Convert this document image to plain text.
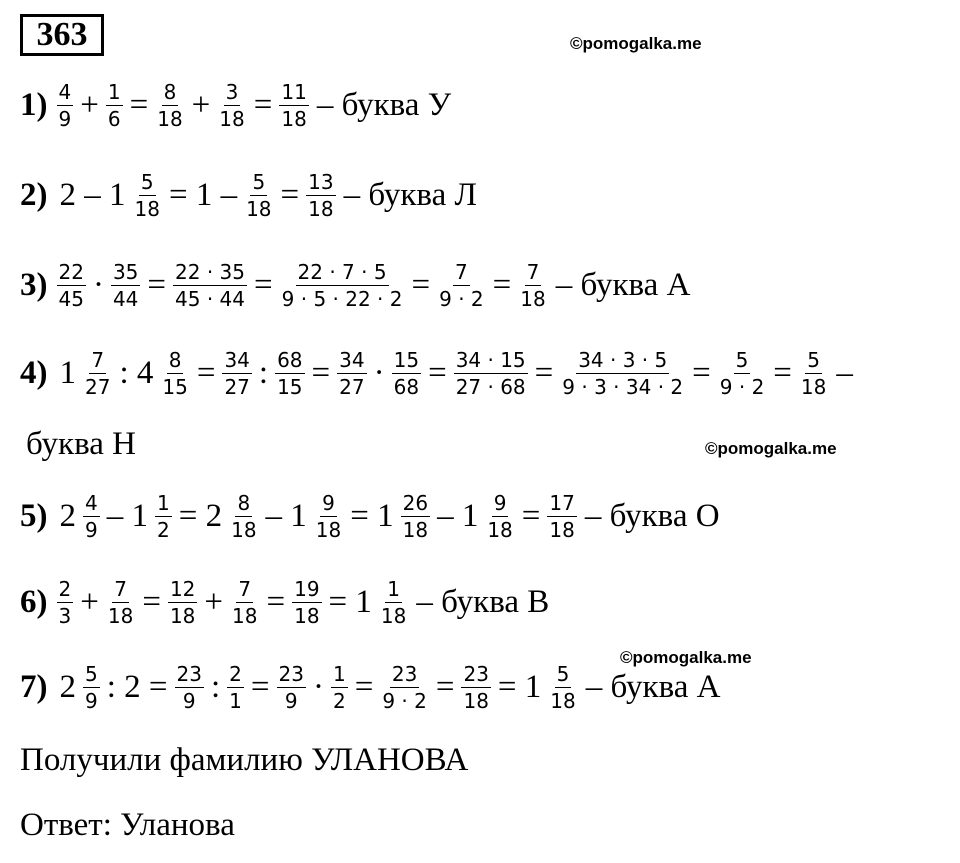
363	©pomogalka.me
©pomogalka.me
©pomogalka.me
$1) \frac{4}{9} + \frac{1}{6} = \frac{8}{18} + \frac{3}{18} = \frac{11}{18}$ – буква У
2) $2 - 1 \frac{5}{18} = 1 - \frac{5}{18} = \frac{13}{18}$ – буква Л
$3) \frac{22}{45} \cdot \frac{35}{44} = \frac{22 \cdot 35}{45 \cdot 44} = \frac{22 \cdot 7 \cdot 5}{9 \cdot 5 \cdot 22 \cdot 2} = \frac{7}{9 \cdot 2} = \frac{7}{18}$ – буква А
4) $1 \frac{7}{27}$ : $4 \frac{8}{15} = \frac{34}{27}$ : $\frac{68}{15} = \frac{34}{27} \cdot \frac{15}{68} = \frac{34 \cdot 15}{27 \cdot 68} = \frac{34 \cdot 3 \cdot 5}{9 \cdot 3 \cdot 34 \cdot 2} = \frac{5}{9 \cdot 2} = \frac{5}{18}$ –
буква Н
5) $2 \frac{4}{9} - 1 \frac{1}{2} = 2 \frac{8}{18} - 1 \frac{9}{18} = 1 \frac{26}{18} - 1 \frac{9}{18} = \frac{17}{18}$ – буква О
$6) \frac{2}{3} + \frac{7}{18} = \frac{12}{18} + \frac{7}{18} = \frac{19}{18} = 1 \frac{1}{18}$ – буква В
7) $2 \frac{5}{9}$ : $2 = \frac{23}{9}$ : $\frac{2}{1} = \frac{23}{9} \cdot \frac{1}{2} = \frac{23}{9 \cdot 2} = \frac{23}{18} = 1 \frac{5}{18}$ – буква А
Получили фамилию УЛАНОВА
Ответ: Уланова
